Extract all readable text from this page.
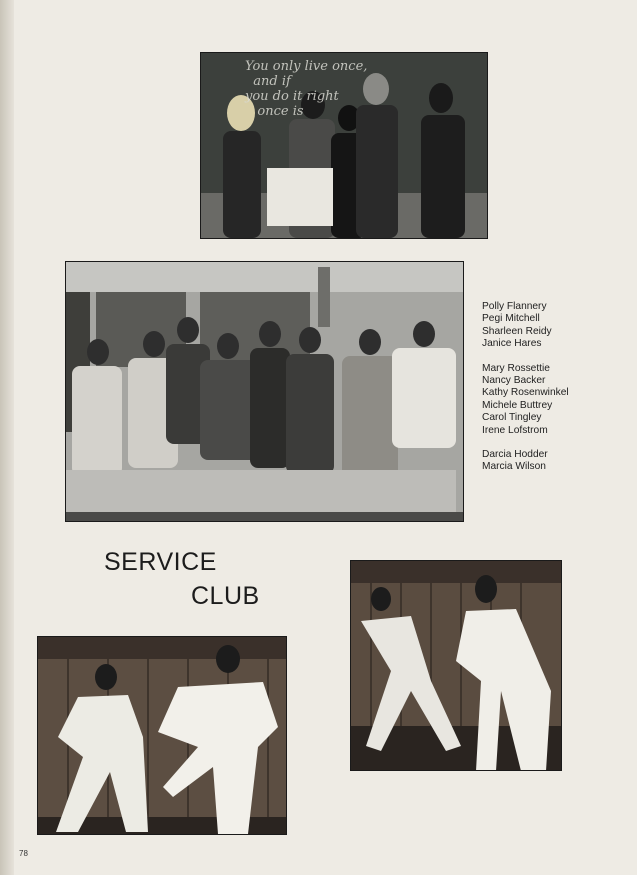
You only live once,
and if
you do it right
once is
Polly Flannery
Pegi Mitchell
Sharleen Reidy
Janice Hares
Mary Rossettie
Nancy Backer
Kathy Rosenwinkel
Michele Buttrey
Carol Tingley
Irene Lofstrom
Darcia Hodder
Marcia Wilson
SERVICE
CLUB
78
